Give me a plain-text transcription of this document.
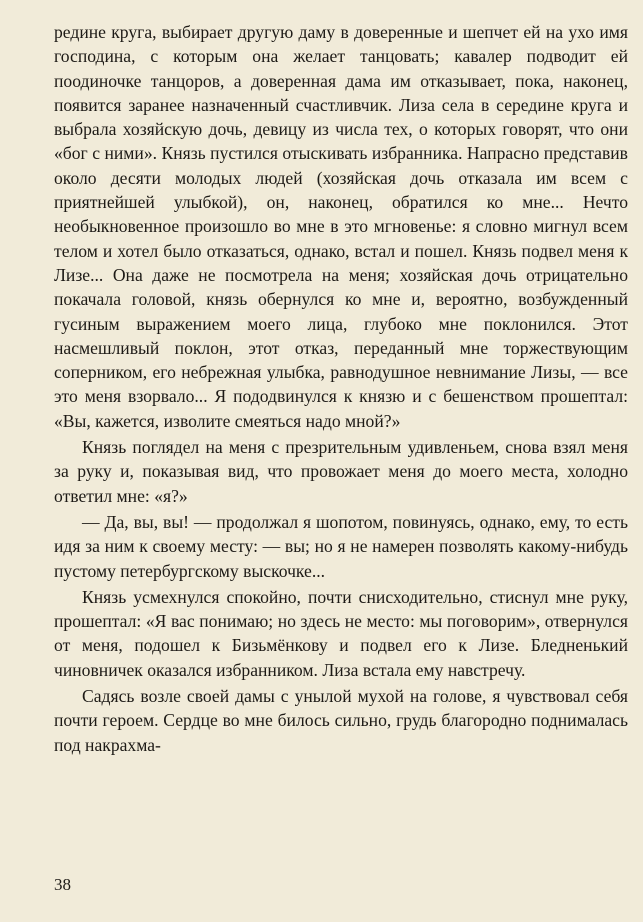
редине круга, выбирает другую даму в доверенные и шепчет ей на ухо имя господина, с которым она желает танцовать; кавалер подводит ей поодиночке танцоров, а доверенная дама им отказывает, пока, наконец, появится заранее назначенный счастливчик. Лиза села в середине круга и выбрала хозяйскую дочь, девицу из числа тех, о которых говорят, что они «бог с ними». Князь пустился отыскивать избранника. Напрасно представив около десяти молодых людей (хозяйская дочь отказала им всем с приятнейшей улыбкой), он, наконец, обратился ко мне... Нечто необыкновенное произошло во мне в это мгновенье: я словно мигнул всем телом и хотел было отказаться, однако, встал и пошел. Князь подвел меня к Лизе... Она даже не посмотрела на меня; хозяйская дочь отрицательно покачала головой, князь обернулся ко мне и, вероятно, возбужденный гусиным выражением моего лица, глубоко мне поклонился. Этот насмешливый поклон, этот отказ, переданный мне торжествующим соперником, его небрежная улыбка, равнодушное невнимание Лизы, — все это меня взорвало... Я пододвинулся к князю и с бешенством прошептал: «Вы, кажется, изволите смеяться надо мной?»

Князь поглядел на меня с презрительным удивленьем, снова взял меня за руку и, показывая вид, что провожает меня до моего места, холодно ответил мне: «я?»

— Да, вы, вы! — продолжал я шопотом, повинуясь, однако, ему, то есть идя за ним к своему месту: — вы; но я не намерен позволять какому-нибудь пустому петербургскому выскочке...

Князь усмехнулся спокойно, почти снисходительно, стиснул мне руку, прошептал: «Я вас понимаю; но здесь не место: мы поговорим», отвернулся от меня, подошел к Бизьмёнкову и подвел его к Лизе. Бледненький чиновничек оказался избранником. Лиза встала ему навстречу.

Садясь возле своей дамы с унылой мухой на голове, я чувствовал себя почти героем. Сердце во мне билось сильно, грудь благородно поднималась под накрахма-

38
